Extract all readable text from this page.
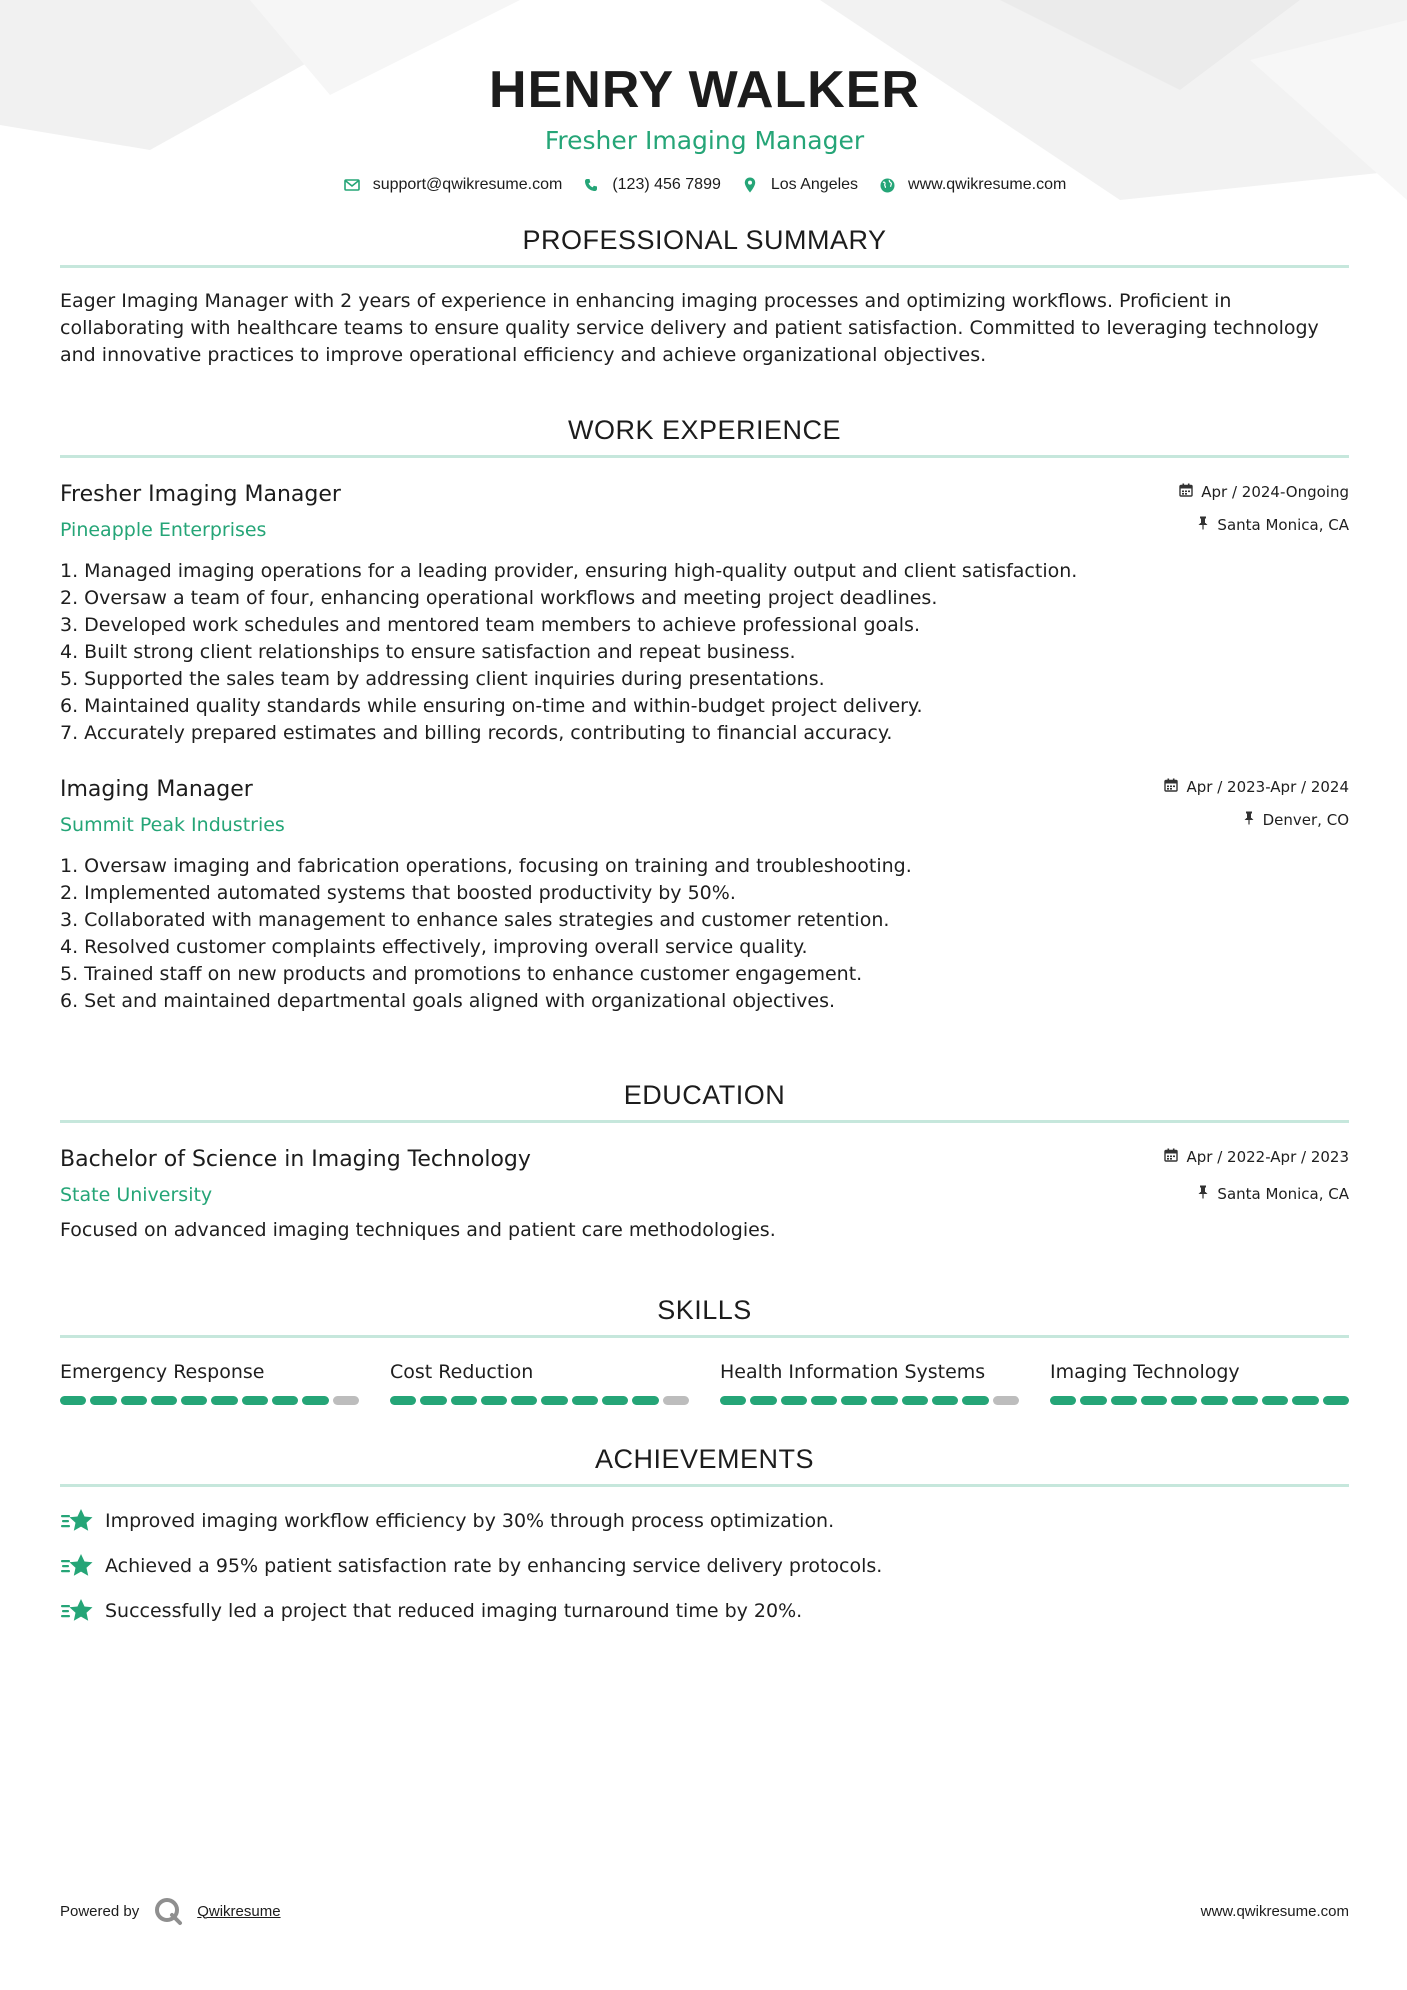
HENRY WALKER
Fresher Imaging Manager
support@qwikresume.com	(123) 456 7899	Los Angeles	www.qwikresume.com
PROFESSIONAL SUMMARY

Eager Imaging Manager with 2 years of experience in enhancing imaging processes and optimizing workflows. Proficient in collaborating with healthcare teams to ensure quality service delivery and patient satisfaction. Committed to leveraging technology and innovative practices to improve operational efficiency and achieve organizational objectives.

WORK EXPERIENCE
Fresher Imaging Manager
Pineapple Enterprises
Apr / 2024-Ongoing
Santa Monica, CA
1. Managed imaging operations for a leading provider, ensuring high-quality output and client satisfaction.
2. Oversaw a team of four, enhancing operational workflows and meeting project deadlines.
3. Developed work schedules and mentored team members to achieve professional goals.
4. Built strong client relationships to ensure satisfaction and repeat business.
5. Supported the sales team by addressing client inquiries during presentations.
6. Maintained quality standards while ensuring on-time and within-budget project delivery.
7. Accurately prepared estimates and billing records, contributing to financial accuracy.
Imaging Manager
Summit Peak Industries
Apr / 2023-Apr / 2024
Denver, CO
1. Oversaw imaging and fabrication operations, focusing on training and troubleshooting.
2. Implemented automated systems that boosted productivity by 50%.
3. Collaborated with management to enhance sales strategies and customer retention.
4. Resolved customer complaints effectively, improving overall service quality.
5. Trained staff on new products and promotions to enhance customer engagement.
6. Set and maintained departmental goals aligned with organizational objectives.
EDUCATION
Bachelor of Science in Imaging Technology
State University
Apr / 2022-Apr / 2023
Santa Monica, CA

Focused on advanced imaging techniques and patient care methodologies.

SKILLS
Emergency Response	Cost Reduction	Health Information Systems	Imaging Technology
ACHIEVEMENTS
Improved imaging workflow efficiency by 30% through process optimization.
Achieved a 95% patient satisfaction rate by enhancing service delivery protocols.
Successfully led a project that reduced imaging turnaround time by 20%.
Powered by	Qwikresume	www.qwikresume.com
